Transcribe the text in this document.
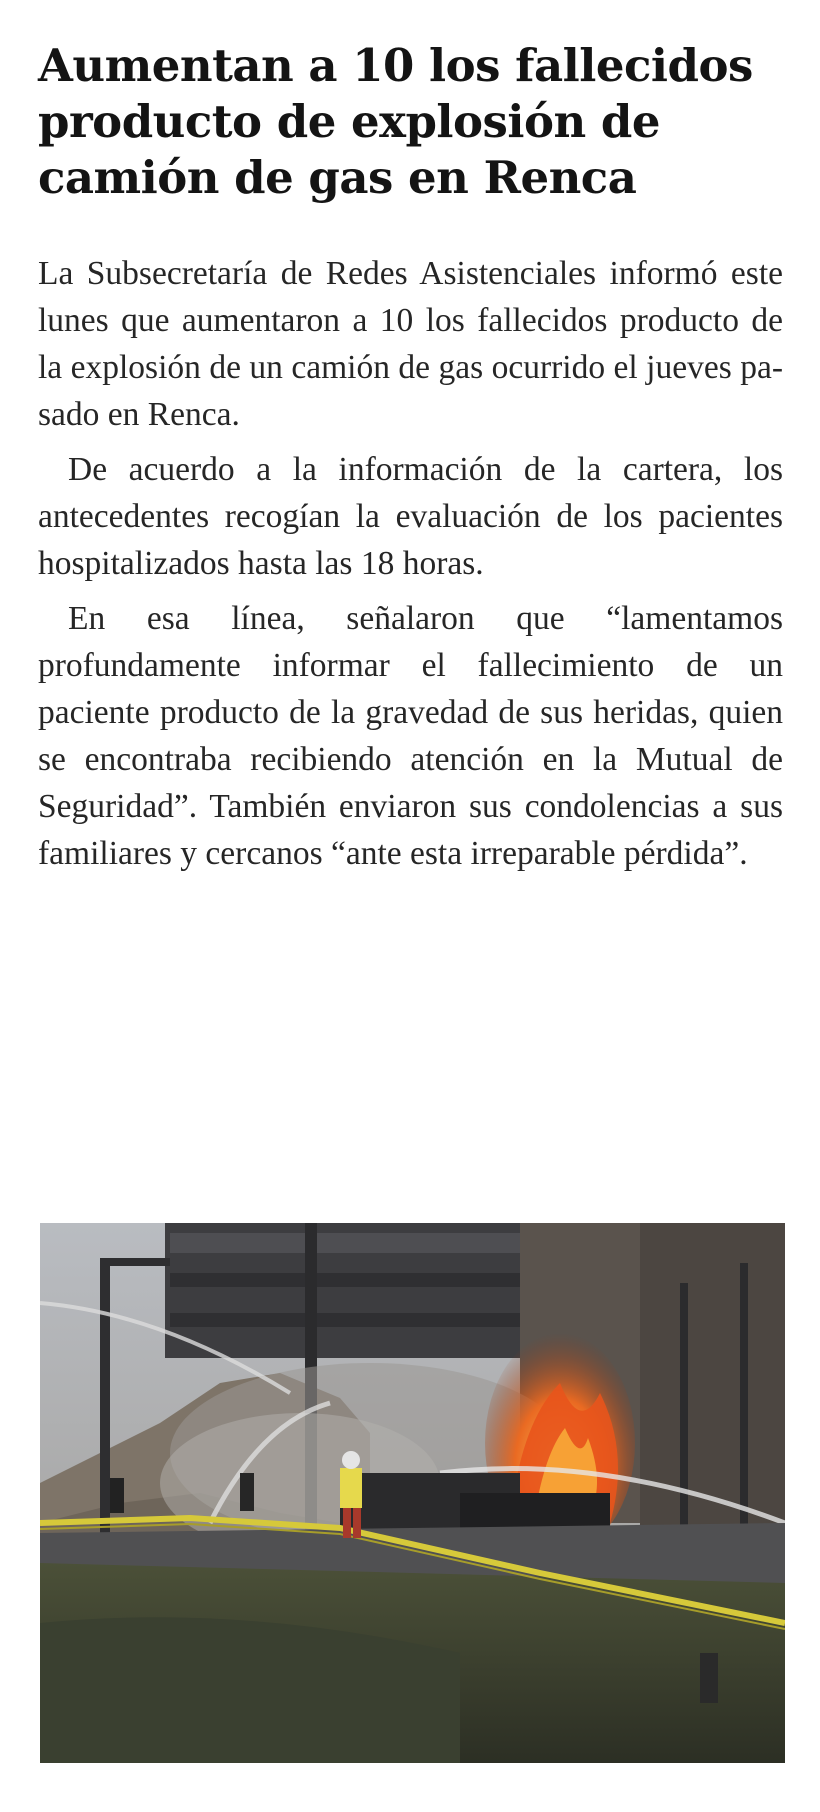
Aumentan a 10 los fallecidos producto de explosión de camión de gas en Renca

La Subsecretaría de Redes Asistenciales informó este lunes que aumentaron a 10 los fallecidos producto de la explosión de un camión de gas ocurrido el jueves pasado en Renca.

De acuerdo a la información de la cartera, los antecedentes recogían la evaluación de los pacientes hospitalizados hasta las 18 horas.

En esa línea, señalaron que “lamentamos profundamente informar el fallecimiento de un paciente producto de la gravedad de sus heridas, quien se encontraba recibiendo atención en la Mutual de Seguridad”. También enviaron sus condolencias a sus familiares y cercanos “ante esta irreparable pérdida”.
